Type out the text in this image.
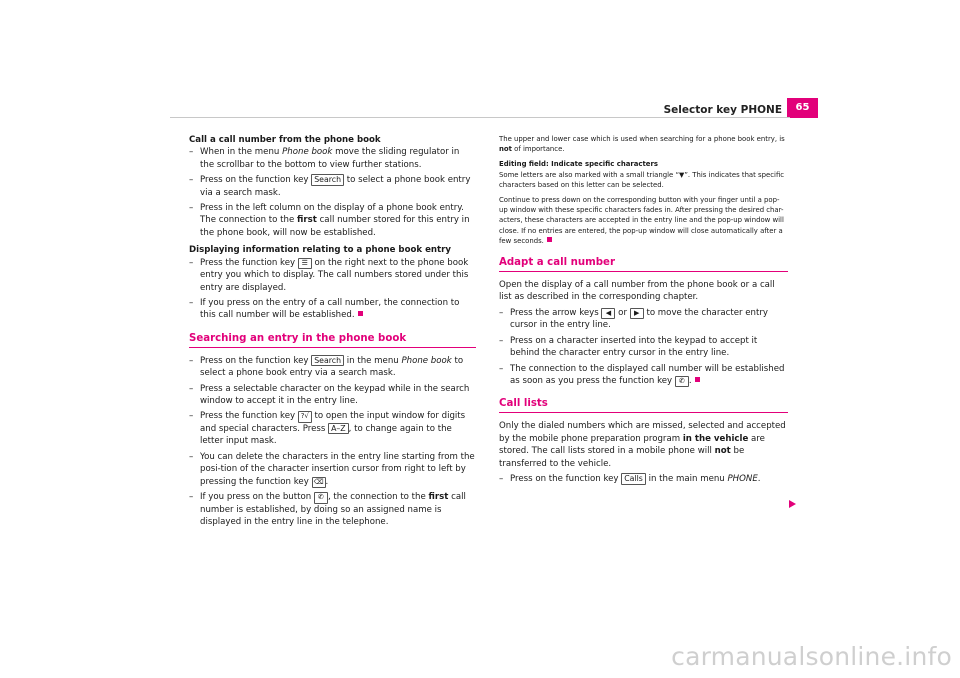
Selector key PHONE	65

Call a call number from the phone book

– When in the menu Phone book move the sliding regulator in the scrollbar to the bottom to view further stations.
– Press on the function key Search to select a phone book entry via a search mask.
– Press in the left column on the display of a phone book entry. The connection to the first call number stored for this entry in the phone book, will now be established.

Displaying information relating to a phone book entry

– Press the function key ☰ on the right next to the phone book entry you which to display. The call numbers stored under this entry are displayed.
– If you press on the entry of a call number, the connection to this call number will be established.
Searching an entry in the phone book
– Press on the function key Search in the menu Phone book to select a phone book entry via a search mask.
– Press a selectable character on the keypad while in the search window to accept it in the entry line.
– Press the function key ?√ to open the input window for digits and special characters. Press A–Z , to change again to the letter input mask.
– You can delete the characters in the entry line starting from the posi-tion of the character insertion cursor from right to left by pressing the function key ⌫ .
– If you press on the button ✆ , the connection to the first call number is established, by doing so an assigned name is displayed in the entry line in the telephone.

The upper and lower case which is used when searching for a phone book entry, is not of importance.

Editing field: Indicate specific characters

Some letters are also marked with a small triangle “▼”. This indicates that specific characters based on this letter can be selected.

Continue to press down on the corresponding button with your finger until a pop-up window with these specific characters fades in. After pressing the desired char-acters, these characters are accepted in the entry line and the pop-up window will close. If no entries are entered, the pop-up window will close automatically after a few seconds.

Adapt a call number

Open the display of a call number from the phone book or a call list as described in the corresponding chapter.

– Press the arrow keys ◀ or ▶ to move the character entry cursor in the entry line.
– Press on a character inserted into the keypad to accept it behind the character entry cursor in the entry line.
– The connection to the displayed call number will be established as soon as you press the function key ✆ .
Call lists

Only the dialed numbers which are missed, selected and accepted by the mobile phone preparation program in the vehicle are stored. The call lists stored in a mobile phone will not be transferred to the vehicle.

– Press on the function key Calls in the main menu PHONE.
carmanualsonline.info
